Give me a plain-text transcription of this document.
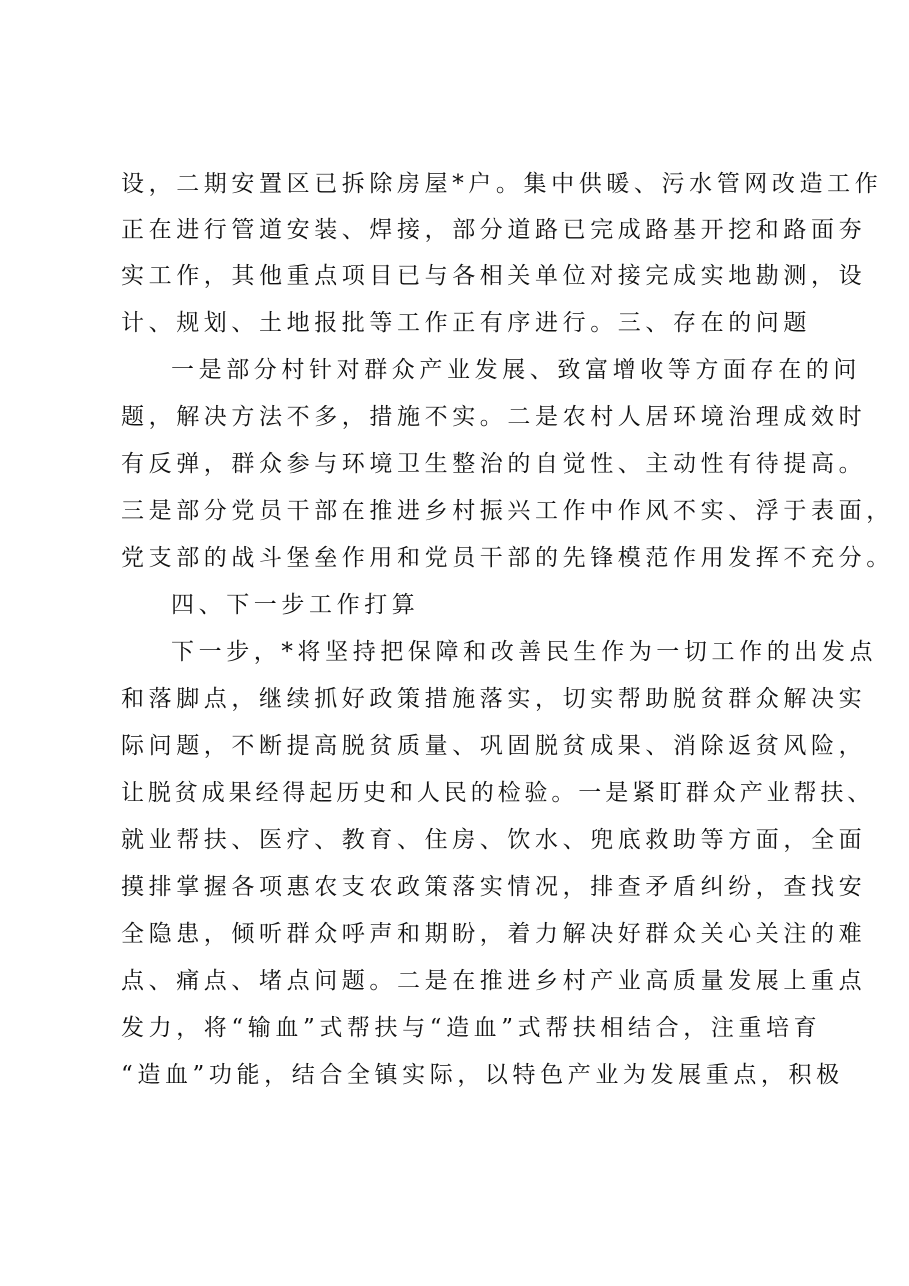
设，二期安置区已拆除房屋*户。集中供暖、污水管网改造工作
正在进行管道安装、焊接，部分道路已完成路基开挖和路面夯
实工作，其他重点项目已与各相关单位对接完成实地勘测，设
计、规划、土地报批等工作正有序进行。三、存在的问题
一是部分村针对群众产业发展、致富增收等方面存在的问
题，解决方法不多，措施不实。二是农村人居环境治理成效时
有反弹，群众参与环境卫生整治的自觉性、主动性有待提高。
三是部分党员干部在推进乡村振兴工作中作风不实、浮于表面，
党支部的战斗堡垒作用和党员干部的先锋模范作用发挥不充分。
四、下一步工作打算
下一步，*将坚持把保障和改善民生作为一切工作的出发点
和落脚点，继续抓好政策措施落实，切实帮助脱贫群众解决实
际问题，不断提高脱贫质量、巩固脱贫成果、消除返贫风险，
让脱贫成果经得起历史和人民的检验。一是紧盯群众产业帮扶、
就业帮扶、医疗、教育、住房、饮水、兜底救助等方面，全面
摸排掌握各项惠农支农政策落实情况，排查矛盾纠纷，查找安
全隐患，倾听群众呼声和期盼，着力解决好群众关心关注的难
点、痛点、堵点问题。二是在推进乡村产业高质量发展上重点
发力，将“输血”式帮扶与“造血”式帮扶相结合，注重培育
“造血”功能，结合全镇实际，以特色产业为发展重点，积极
